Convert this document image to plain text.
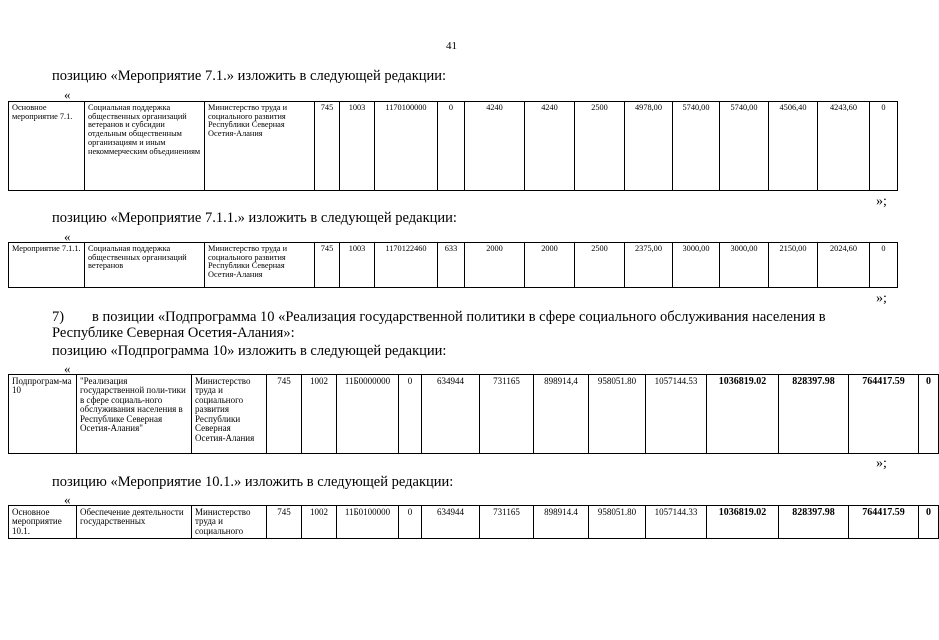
41
позицию «Мероприятие 7.1.» изложить в следующей редакции:
«
Основное мероприятие 7.1.	Социальная поддержка общественных организаций ветеранов и субсидии отдельным общественным организациям и иным некоммерческим объединениям	Министерство труда и социального развития Республики Северная Осетия-Алания	745	1003	1170100000	0	4240	4240	2500	4978,00	5740,00	5740,00	4506,40	4243,60	0
»;
позицию «Мероприятие 7.1.1.» изложить в следующей редакции:
«
Мероприятие 7.1.1.	Социальная поддержка общественных организаций ветеранов	Министерство труда и социального развития Республики Северная Осетия-Алания	745	1003	1170122460	633	2000	2000	2500	2375,00	3000,00	3000,00	2150,00	2024,60	0
»;
7) в позиции «Подпрограмма 10 «Реализация государственной политики в сфере социального обслуживания населения в
Республике Северная Осетия-Алания»:
позицию «Подпрограмма 10» изложить в следующей редакции:
«
Подпрограм-ма 10	"Реализация государственной поли-тики в сфере социаль-ного обслуживания населения в Республике Северная Осетия-Алания"	Министерство труда и социального развития Республики Северная Осетия-Алания	745	1002	11Б0000000	0	634944	731165	898914,4	958051.80	1057144.53	1036819.02	828397.98	764417.59	0
»;
позицию «Мероприятие 10.1.» изложить в следующей редакции:
«
Основное мероприятие 10.1.	Обеспечение деятельности государственных	Министерство труда и социального	745	1002	11Б0100000	0	634944	731165	898914.4	958051.80	1057144.33	1036819.02	828397.98	764417.59	0
